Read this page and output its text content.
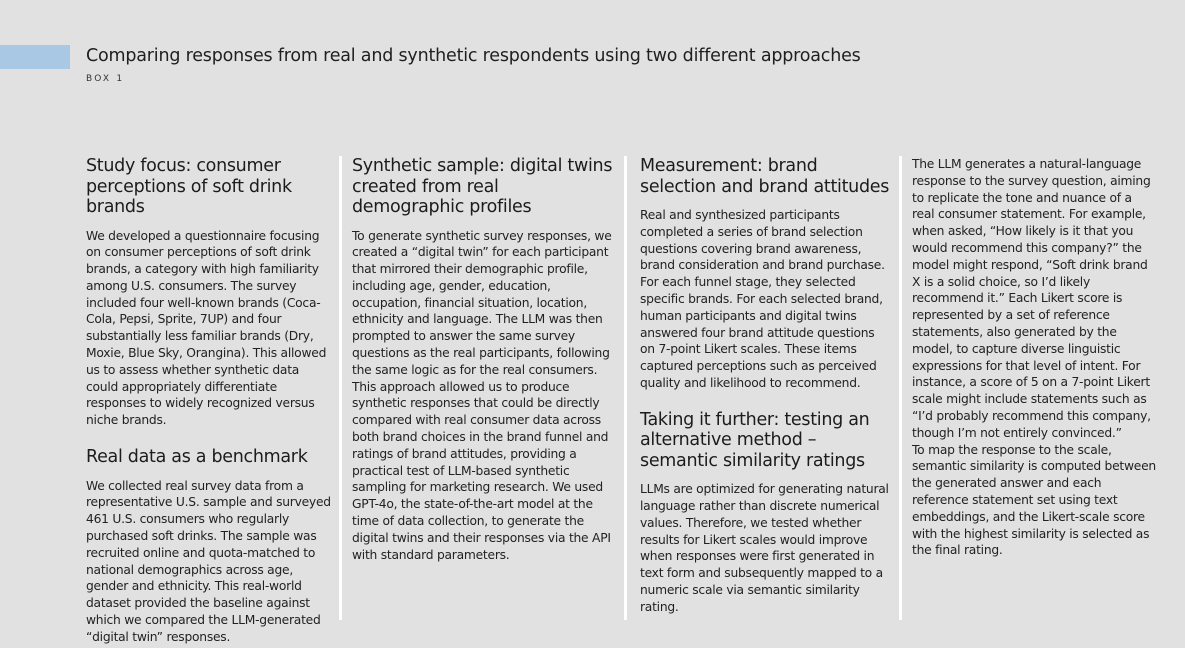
Comparing responses from real and synthetic respondents using two different approaches
BOX 1
Study focus: consumer perceptions of soft drink brands

We developed a questionnaire focusing on consumer perceptions of soft drink brands, a category with high familiarity among U.S. consumers. The survey included four well-known brands (Coca-Cola, Pepsi, Sprite, 7UP) and four substantially less familiar brands (Dry, Moxie, Blue Sky, Orangina). This allowed us to assess whether synthetic data could appropriately differentiate responses to widely recognized versus niche brands.

Real data as a benchmark

We collected real survey data from a representative U.S. sample and surveyed 461 U.S. consumers who regularly purchased soft drinks. The sample was recruited online and quota-matched to national demographics across age, gender and ethnicity. This real-world dataset provided the baseline against which we compared the LLM-generated “digital twin” responses.

Synthetic sample: digital twins created from real demographic profiles

To generate synthetic survey responses, we created a “digital twin” for each participant that mirrored their demographic profile, including age, gender, education, occupation, financial situation, location, ethnicity and language. The LLM was then prompted to answer the same survey questions as the real participants, following the same logic as for the real consumers. This approach allowed us to produce synthetic responses that could be directly compared with real consumer data across both brand choices in the brand funnel and ratings of brand attitudes, providing a practical test of LLM-based synthetic sampling for marketing research. We used GPT-4o, the state-of-the-art model at the time of data collection, to generate the digital twins and their responses via the API with standard parameters.

Measurement: brand selection and brand attitudes

Real and synthesized participants completed a series of brand selection questions covering brand awareness, brand consideration and brand purchase. For each funnel stage, they selected specific brands. For each selected brand, human participants and digital twins answered four brand attitude questions on 7-point Likert scales. These items captured perceptions such as perceived quality and likelihood to recommend.

Taking it further: testing an alternative method – semantic similarity ratings

LLMs are optimized for generating natural language rather than discrete numerical values. Therefore, we tested whether results for Likert scales would improve when responses were first generated in text form and subsequently mapped to a numeric scale via semantic similarity rating.

The LLM generates a natural-language response to the survey question, aiming to replicate the tone and nuance of a real consumer statement. For example, when asked, “How likely is it that you would recommend this company?” the model might respond, “Soft drink brand X is a solid choice, so I’d likely recommend it.” Each Likert score is represented by a set of reference statements, also generated by the model, to capture diverse linguistic expressions for that level of intent. For instance, a score of 5 on a 7-point Likert scale might include statements such as “I’d probably recommend this company, though I’m not entirely convinced.”

To map the response to the scale, semantic similarity is computed between the generated answer and each reference statement set using text embeddings, and the Likert-scale score with the highest similarity is selected as the final rating.
